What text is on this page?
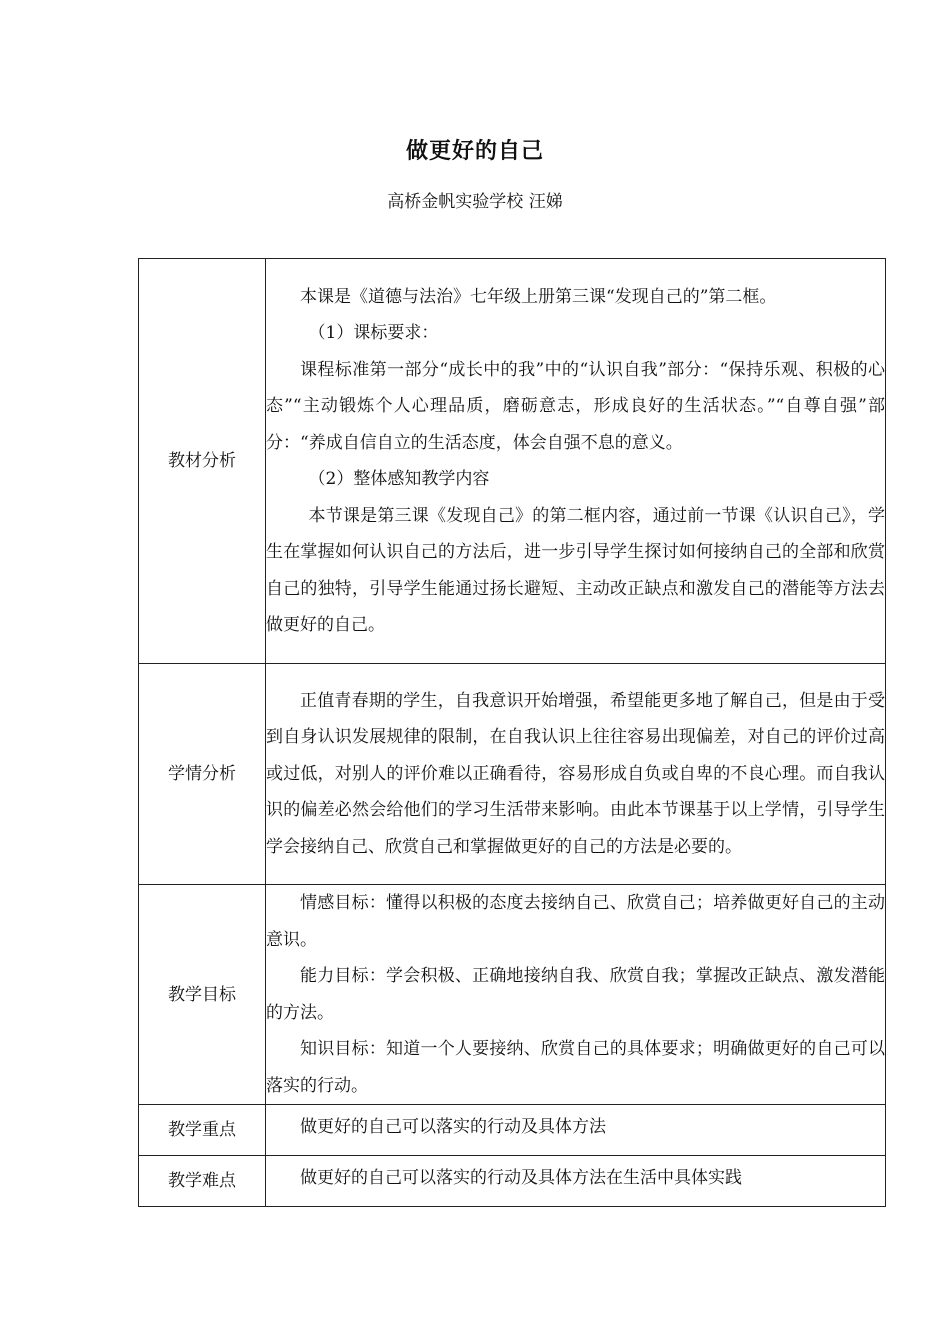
做更好的自己
高桥金帆实验学校 汪娣
教材分析	本课是《道德与法治》七年级上册第三课“发现自己的”第二框。

（1）课标要求：

课程标准第一部分“成长中的我”中的“认识自我”部分：“保持乐观、积极的心态”“主动锻炼个人心理品质，磨砺意志，形成良好的生活状态。”“自尊自强”部分：“养成自信自立的生活态度，体会自强不息的意义。

（2）整体感知教学内容

本节课是第三课《发现自己》的第二框内容，通过前一节课《认识自己》，学生在掌握如何认识自己的方法后，进一步引导学生探讨如何接纳自己的全部和欣赏自己的独特，引导学生能通过扬长避短、主动改正缺点和激发自己的潜能等方法去做更好的自己。

学情分析	正值青春期的学生，自我意识开始增强，希望能更多地了解自己，但是由于受到自身认识发展规律的限制，在自我认识上往往容易出现偏差，对自己的评价过高或过低，对别人的评价难以正确看待，容易形成自负或自卑的不良心理。而自我认识的偏差必然会给他们的学习生活带来影响。由此本节课基于以上学情，引导学生学会接纳自己、欣赏自己和掌握做更好的自己的方法是必要的。

教学目标	情感目标：懂得以积极的态度去接纳自己、欣赏自己；培养做更好自己的主动意识。

能力目标：学会积极、正确地接纳自我、欣赏自我；掌握改正缺点、激发潜能的方法。

知识目标：知道一个人要接纳、欣赏自己的具体要求；明确做更好的自己可以落实的行动。

教学重点	做更好的自己可以落实的行动及具体方法

教学难点	做更好的自己可以落实的行动及具体方法在生活中具体实践
